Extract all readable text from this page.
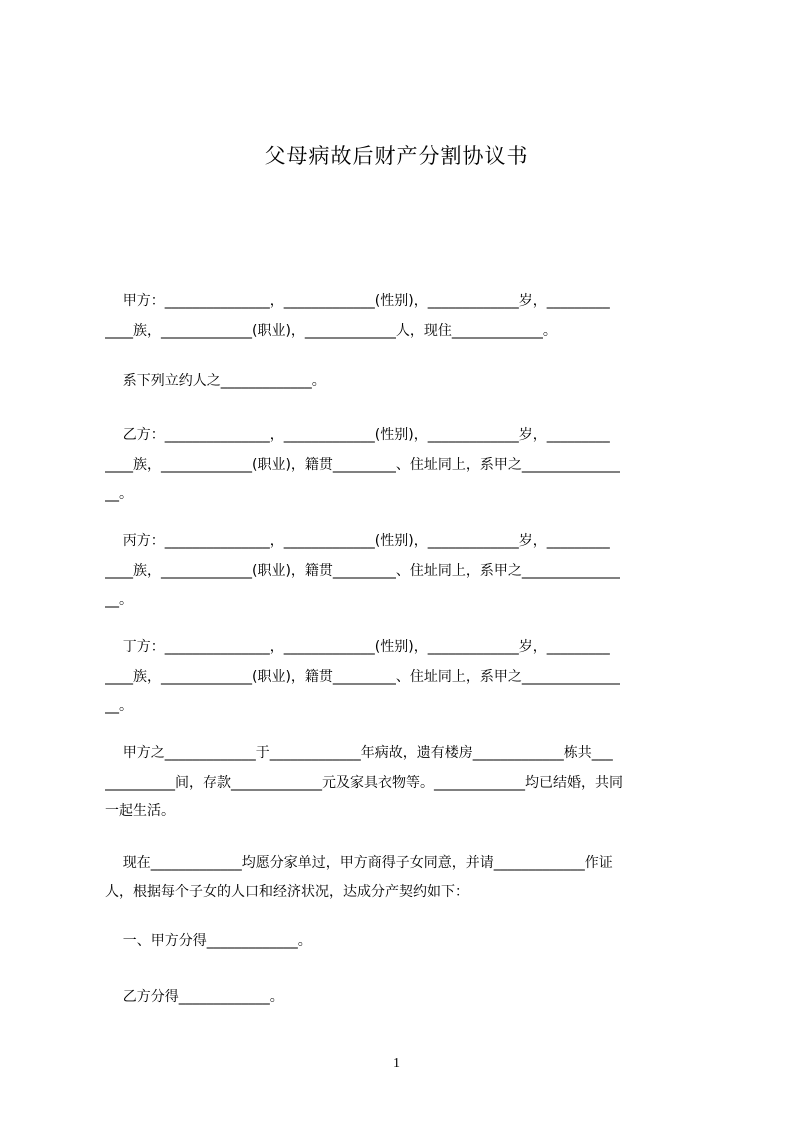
父母病故后财产分割协议书
甲方：_______________，_____________(性别)，_____________岁，_________
____族，_____________(职业)，_____________人，现住_____________。
系下列立约人之_____________。
乙方：_______________，_____________(性别)，_____________岁，_________
____族，_____________(职业)，籍贯_________、住址同上，系甲之______________
__。
丙方：_______________，_____________(性别)，_____________岁，_________
____族，_____________(职业)，籍贯_________、住址同上，系甲之______________
__。
丁方：_______________，_____________(性别)，_____________岁，_________
____族，_____________(职业)，籍贯_________、住址同上，系甲之______________
__。
甲方之_____________于_____________年病故，遗有楼房_____________栋共___
__________间，存款_____________元及家具衣物等。_____________均已结婚，共同
一起生活。
现在_____________均愿分家单过，甲方商得子女同意，并请_____________作证
人，根据每个子女的人口和经济状况，达成分产契约如下：
一、甲方分得_____________。
乙方分得_____________。
1
